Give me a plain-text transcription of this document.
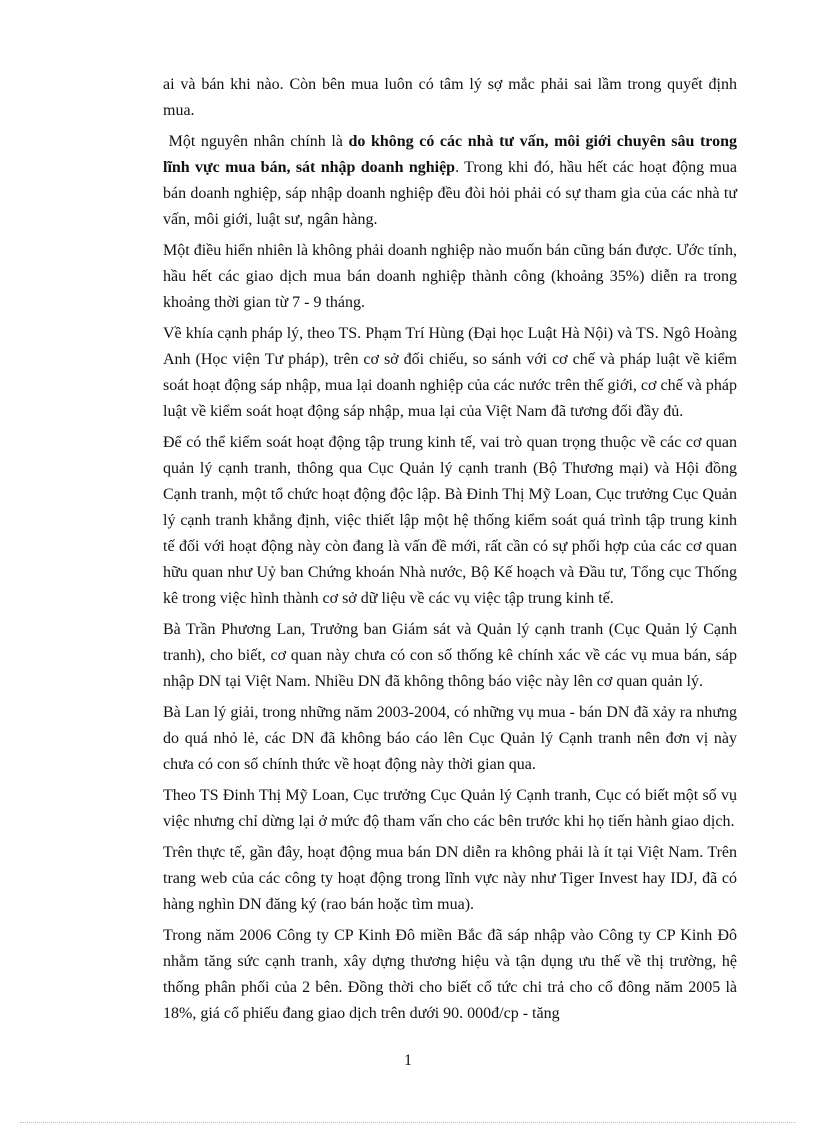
ai và bán khi nào. Còn bên mua luôn có tâm lý sợ mắc phải sai lầm trong quyết định mua.

Một nguyên nhân chính là do không có các nhà tư vấn, môi giới chuyên sâu trong lĩnh vực mua bán, sát nhập doanh nghiệp. Trong khi đó, hầu hết các hoạt động mua bán doanh nghiệp, sáp nhập doanh nghiệp đều đòi hỏi phải có sự tham gia của các nhà tư vấn, môi giới, luật sư, ngân hàng.

Một điều hiển nhiên là không phải doanh nghiệp nào muốn bán cũng bán được. Ước tính, hầu hết các giao dịch mua bán doanh nghiệp thành công (khoảng 35%) diễn ra trong khoảng thời gian từ 7 - 9 tháng.

Về khía cạnh pháp lý, theo TS. Phạm Trí Hùng (Đại học Luật Hà Nội) và TS. Ngô Hoàng Anh (Học viện Tư pháp), trên cơ sở đối chiếu, so sánh với cơ chế và pháp luật về kiểm soát hoạt động sáp nhập, mua lại doanh nghiệp của các nước trên thế giới, cơ chế và pháp luật về kiểm soát hoạt động sáp nhập, mua lại của Việt Nam đã tương đối đầy đủ.

Để có thể kiểm soát hoạt động tập trung kinh tế, vai trò quan trọng thuộc về các cơ quan quản lý cạnh tranh, thông qua Cục Quản lý cạnh tranh (Bộ Thương mại) và Hội đồng Cạnh tranh, một tổ chức hoạt động độc lập. Bà Đinh Thị Mỹ Loan, Cục trưởng Cục Quản lý cạnh tranh khẳng định, việc thiết lập một hệ thống kiểm soát quá trình tập trung kinh tế đối với hoạt động này còn đang là vấn đề mới, rất cần có sự phối hợp của các cơ quan hữu quan như Uỷ ban Chứng khoán Nhà nước, Bộ Kế hoạch và Đầu tư, Tổng cục Thống kê trong việc hình thành cơ sở dữ liệu về các vụ việc tập trung kinh tế.

Bà Trần Phương Lan, Trưởng ban Giám sát và Quản lý cạnh tranh (Cục Quản lý Cạnh tranh), cho biết, cơ quan này chưa có con số thống kê chính xác về các vụ mua bán, sáp nhập DN tại Việt Nam. Nhiều DN đã không thông báo việc này lên cơ quan quản lý.

Bà Lan lý giải, trong những năm 2003-2004, có những vụ mua - bán DN đã xảy ra nhưng do quá nhỏ lẻ, các DN đã không báo cáo lên Cục Quản lý Cạnh tranh nên đơn vị này chưa có con số chính thức về hoạt động này thời gian qua.

Theo TS Đinh Thị Mỹ Loan, Cục trưởng Cục Quản lý Cạnh tranh, Cục có biết một số vụ việc nhưng chỉ dừng lại ở mức độ tham vấn cho các bên trước khi họ tiến hành giao dịch.

Trên thực tế, gần đây, hoạt động mua bán DN diễn ra không phải là ít tại Việt Nam. Trên trang web của các công ty hoạt động trong lĩnh vực này như Tiger Invest hay IDJ, đã có hàng nghìn DN đăng ký (rao bán hoặc tìm mua).

Trong năm 2006 Công ty CP Kinh Đô miền Bắc đã sáp nhập vào Công ty CP Kinh Đô nhằm tăng sức cạnh tranh, xây dựng thương hiệu và tận dụng ưu thế về thị trường, hệ thống phân phối của 2 bên. Đồng thời cho biết cổ tức chi trả cho cổ đông năm 2005 là 18%, giá cổ phiếu đang giao dịch trên dưới 90. 000đ/cp - tăng

1
